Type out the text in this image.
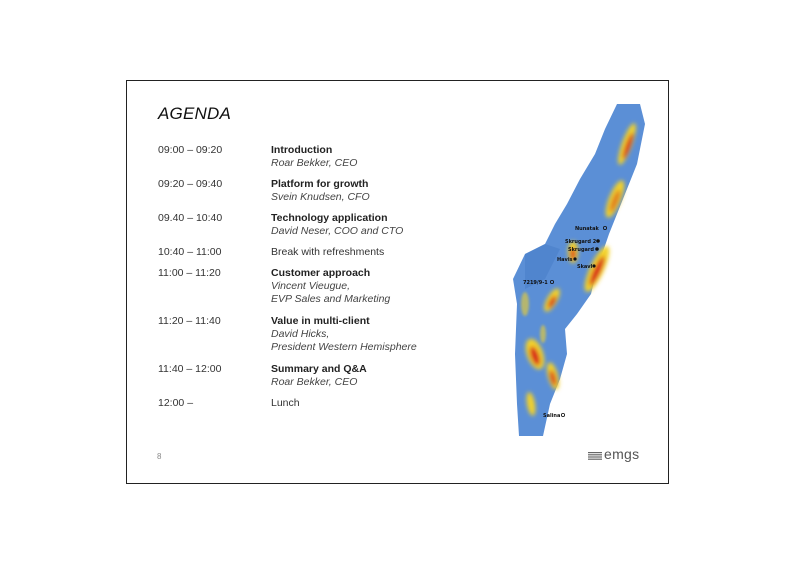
AGENDA
09:00 – 09:20	Introduction
Roar Bekker, CEO
09:20 – 09:40	Platform for growth
Svein Knudsen, CFO
09.40 – 10:40	Technology application
David Neser, COO and CTO
10:40 – 11:00	Break with refreshments
11:00 – 11:20	Customer approach
Vincent Vieugue,
EVP Sales and Marketing
11:20 – 11:40	Value in multi-client
David Hicks,
President Western Hemisphere
11:40 – 12:00	Summary and Q&A
Roar Bekker, CEO
12:00 –	Lunch
Nunatak
Skrugard 2
Skrugard
Havis
Skavl
7219/9-1
Salina
8	emgs
